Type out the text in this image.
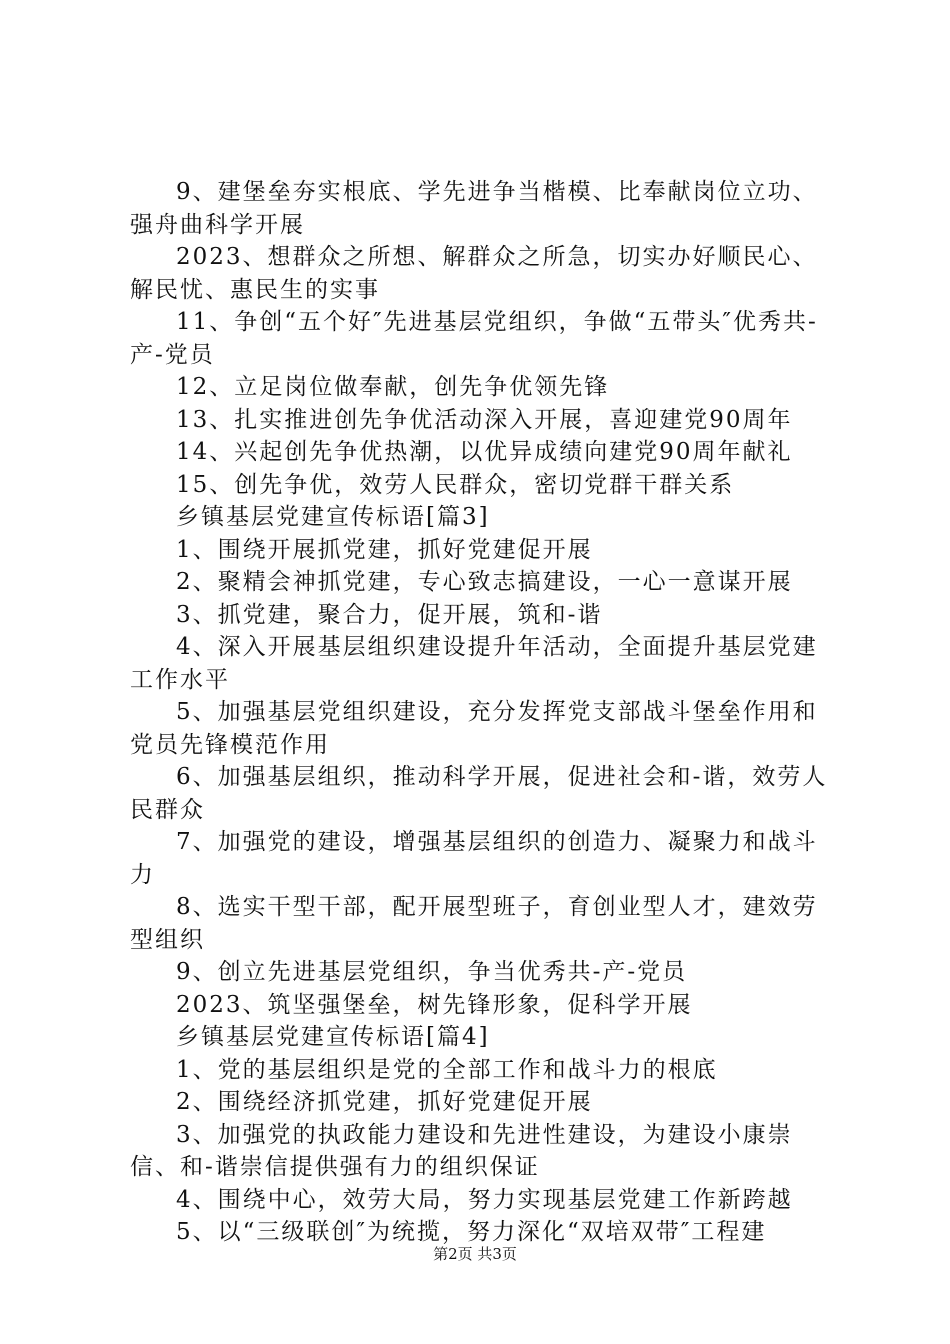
9、建堡垒夯实根底、学先进争当楷模、比奉献岗位立功、强舟曲科学开展

2023、想群众之所想、解群众之所急，切实办好顺民心、解民忧、惠民生的实事

11、争创“五个好″先进基层党组织，争做“五带头″优秀共-产-党员

12、立足岗位做奉献，创先争优领先锋

13、扎实推进创先争优活动深入开展，喜迎建党90周年

14、兴起创先争优热潮，以优异成绩向建党90周年献礼

15、创先争优，效劳人民群众，密切党群干群关系

乡镇基层党建宣传标语[篇3]

1、围绕开展抓党建，抓好党建促开展

2、聚精会神抓党建，专心致志搞建设，一心一意谋开展

3、抓党建，聚合力，促开展，筑和-谐

4、深入开展基层组织建设提升年活动，全面提升基层党建工作水平

5、加强基层党组织建设，充分发挥党支部战斗堡垒作用和党员先锋模范作用

6、加强基层组织，推动科学开展，促进社会和-谐，效劳人民群众

7、加强党的建设，增强基层组织的创造力、凝聚力和战斗力

8、选实干型干部，配开展型班子，育创业型人才，建效劳型组织

9、创立先进基层党组织，争当优秀共-产-党员

2023、筑坚强堡垒，树先锋形象，促科学开展

乡镇基层党建宣传标语[篇4]

1、党的基层组织是党的全部工作和战斗力的根底

2、围绕经济抓党建，抓好党建促开展

3、加强党的执政能力建设和先进性建设，为建设小康崇信、和-谐崇信提供强有力的组织保证

4、围绕中心，效劳大局，努力实现基层党建工作新跨越

5、以“三级联创″为统揽，努力深化“双培双带″工程建

第2页 共3页
